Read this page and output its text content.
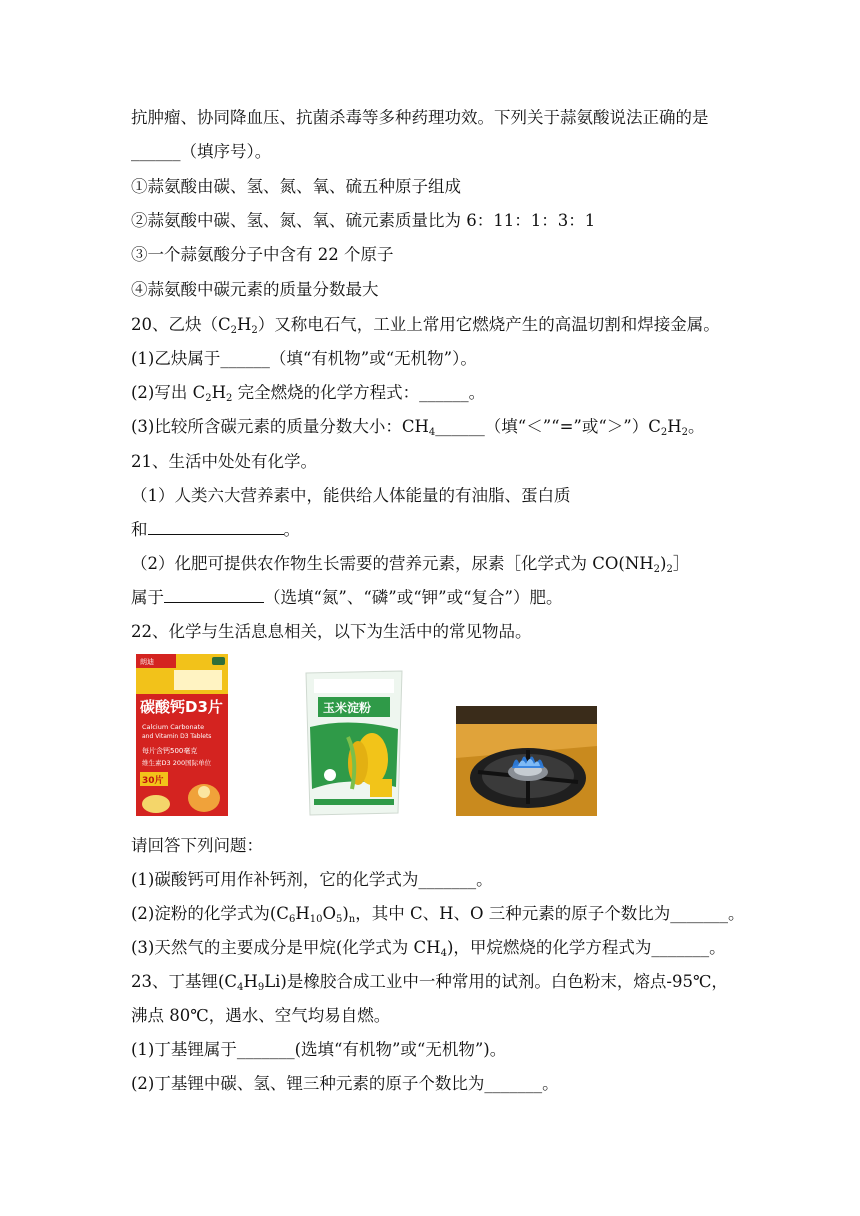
抗肿瘤、协同降血压、抗菌杀毒等多种药理功效。下列关于蒜氨酸说法正确的是
______（填序号）。
①蒜氨酸由碳、氢、氮、氧、硫五种原子组成
②蒜氨酸中碳、氢、氮、氧、硫元素质量比为 6：11：1：3：1
③一个蒜氨酸分子中含有 22 个原子
④蒜氨酸中碳元素的质量分数最大
20、乙炔$(C_2H_2)$又称电石气，工业上常用它燃烧产生的高温切割和焊接金属。
(1)乙炔属于______（填“有机物”或“无机物”）。
(2)写出 $C_2H_2$ 完全燃烧的化学方程式：______。
(3)比较所含碳元素的质量分数大小：$CH_4\_\_\_\_\_\_$（填“＜”“=”或“$>”)C_2H_2$。
21、生活中处处有化学。
（1）人类六大营养素中，能供给人体能量的有油脂、蛋白质
和	。
（2）化肥可提供农作物生长需要的营养元素，尿素［化学式为 $CO(NH_2)_2]$
属于	（选填“氮”、“磷”或“钾”或“复合”）肥。
22、化学与生活息息相关，以下为生活中的常见物品。
朗迪
碳酸钙D3片
Calcium Carbonate
and Vitamin D3 Tablets
每片含钙500毫克
维生素D3 200国际单位
30片
玉米淀粉
请回答下列问题：
(1)碳酸钙可用作补钙剂，它的化学式为_______。
(2)淀粉的化学式为$(C_6H_{10}O_5)_n$，其中 C、H、O 三种元素的原子个数比为_______。
(3)天然气的主要成分是甲烷(化学式为 $CH_4$)，甲烷燃烧的化学方程式为_______。
23、丁基锂$(C_4H_9Li)$是橡胶合成工业中一种常用的试剂。白色粉末，熔点-95℃，
沸点 80℃，遇水、空气均易自燃。
(1)丁基锂属于_______(选填“有机物”或“无机物”)。
(2)丁基锂中碳、氢、锂三种元素的原子个数比为_______。
